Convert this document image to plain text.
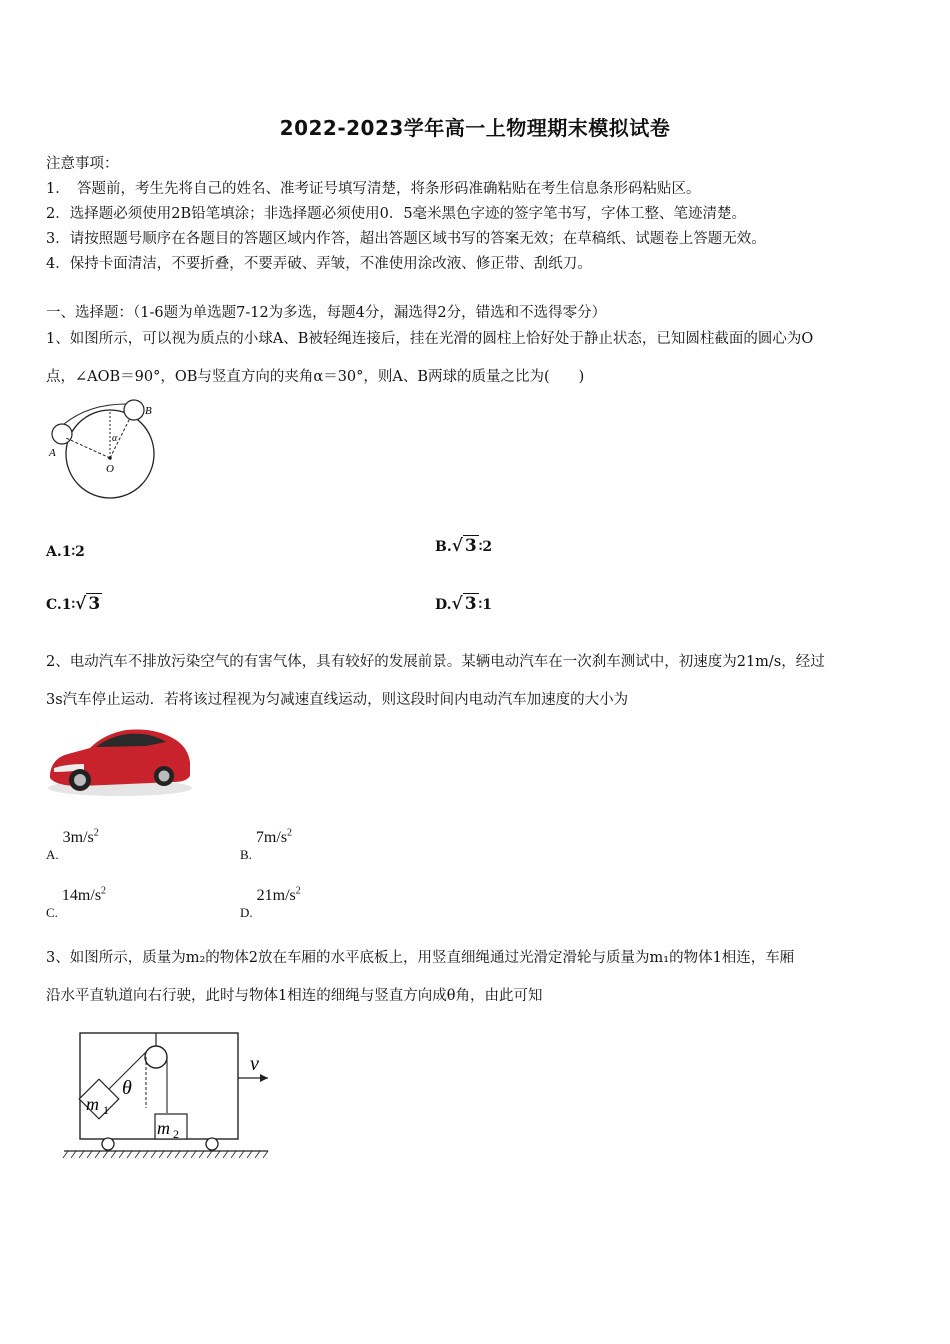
2022-2023学年高一上物理期末模拟试卷
注意事项：
1．　答题前，考生先将自己的姓名、准考证号填写清楚，将条形码准确粘贴在考生信息条形码粘贴区。
2．选择题必须使用2B铅笔填涂；非选择题必须使用0．5毫米黑色字迹的签字笔书写，字体工整、笔迹清楚。
3．请按照题号顺序在各题目的答题区域内作答，超出答题区域书写的答案无效；在草稿纸、试题卷上答题无效。
4．保持卡面清洁，不要折叠，不要弄破、弄皱，不准使用涂改液、修正带、刮纸刀。
一、选择题：（1-6题为单选题7-12为多选，每题4分，漏选得2分，错选和不选得零分）
1、如图所示，可以视为质点的小球A、B被轻绳连接后，挂在光滑的圆柱上恰好处于静止状态，已知圆柱截面的圆心为O
点，∠AOB＝90°，OB与竖直方向的夹角α＝30°，则A、B两球的质量之比为(　　)
A
B
O
α
A.1∶2	B.√ 3 ∶2
C.1∶√ 3	D.√ 3 ∶1
2、电动汽车不排放污染空气的有害气体，具有较好的发展前景。某辆电动汽车在一次刹车测试中，初速度为21m/s，经过
3s汽车停止运动．若将该过程视为匀减速直线运动，则这段时间内电动汽车加速度的大小为
$A.3m/s^2$
$B.7m/s^2$
$C.14m/s^2$
$D.21m/s^2$
3、如图所示，质量为m₂的物体2放在车厢的水平底板上，用竖直细绳通过光滑定滑轮与质量为m₁的物体1相连，车厢
沿水平直轨道向右行驶，此时与物体1相连的细绳与竖直方向成θ角，由此可知
v
θ
m 1
m 2
